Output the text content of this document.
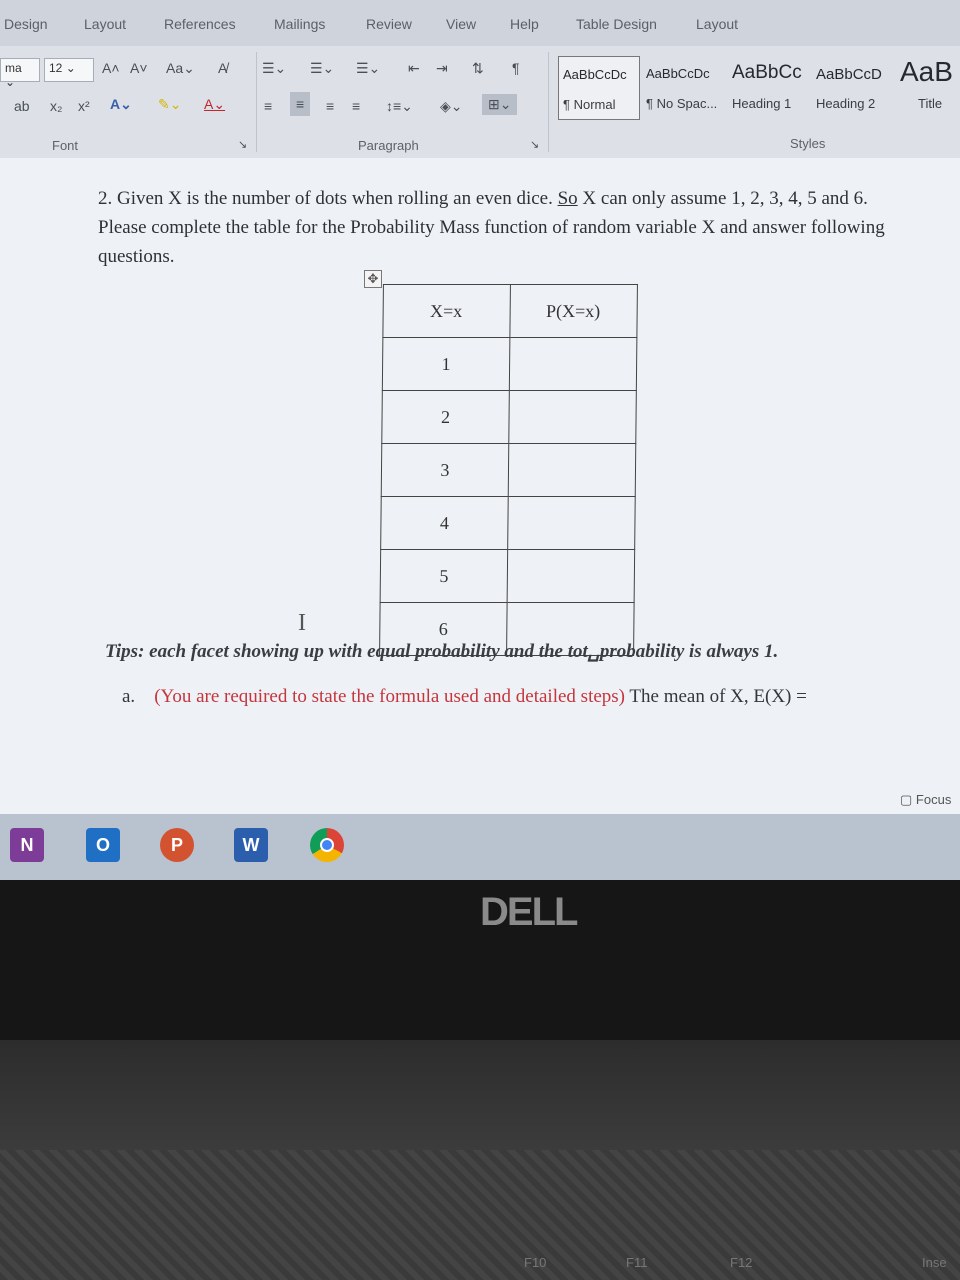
Design	Layout	References	Mailings	Review View Help	Table Design	Layout
ma ⌄
12 ⌄	A˄ A˅ Aa⌄ A̸
ab x₂ x² A⌄ ✎⌄ A⌄
Font	↘
☰⌄ ☰⌄ ☰⌄ ⇤ ⇥ ⇅ ¶
≡	≡	≡ ≡ ↕≡⌄ ◈⌄	⊞⌄
Paragraph	↘
AaBbCcDc
¶ Normal
AaBbCcDc
¶ No Spac...
AaBbCc
Heading 1
AaBbCcD
Heading 2
AaB
Title
Styles
2. Given X is the number of dots when rolling an even dice. So X can only assume 1, 2, 3, 4, 5 and 6. Please complete the table for the Probability Mass function of random variable X and answer following questions.
✥
X=x	P(X=x)
1	
2	
3	
4	
5	
6	
I
Tips: each facet showing up with equal probability and the tot␣probability is always 1.
a. (You are required to state the formula used and detailed steps) The mean of X, E(X) =
▢ Focus
N	O	P	W
DELL
F10	F11	F12	Inse
